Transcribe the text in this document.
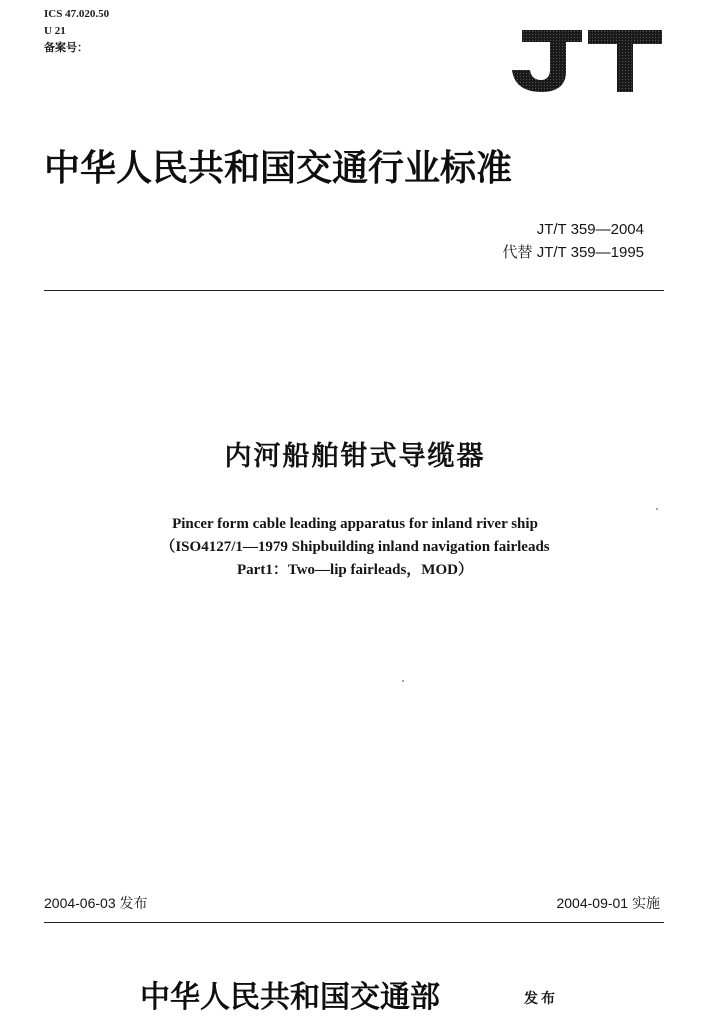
ICS 47.020.50
U 21
备案号：
中华人民共和国交通行业标准
JT/T 359—2004
代替 JT/T 359—1995
内河船舶钳式导缆器
Pincer form cable leading apparatus for inland river ship
（ISO4127/1—1979 Shipbuilding inland navigation fairleads
Part1：Two—lip fairleads，MOD）
2004-06-03 发布	2004-09-01 实施
中华人民共和国交通部	发布
